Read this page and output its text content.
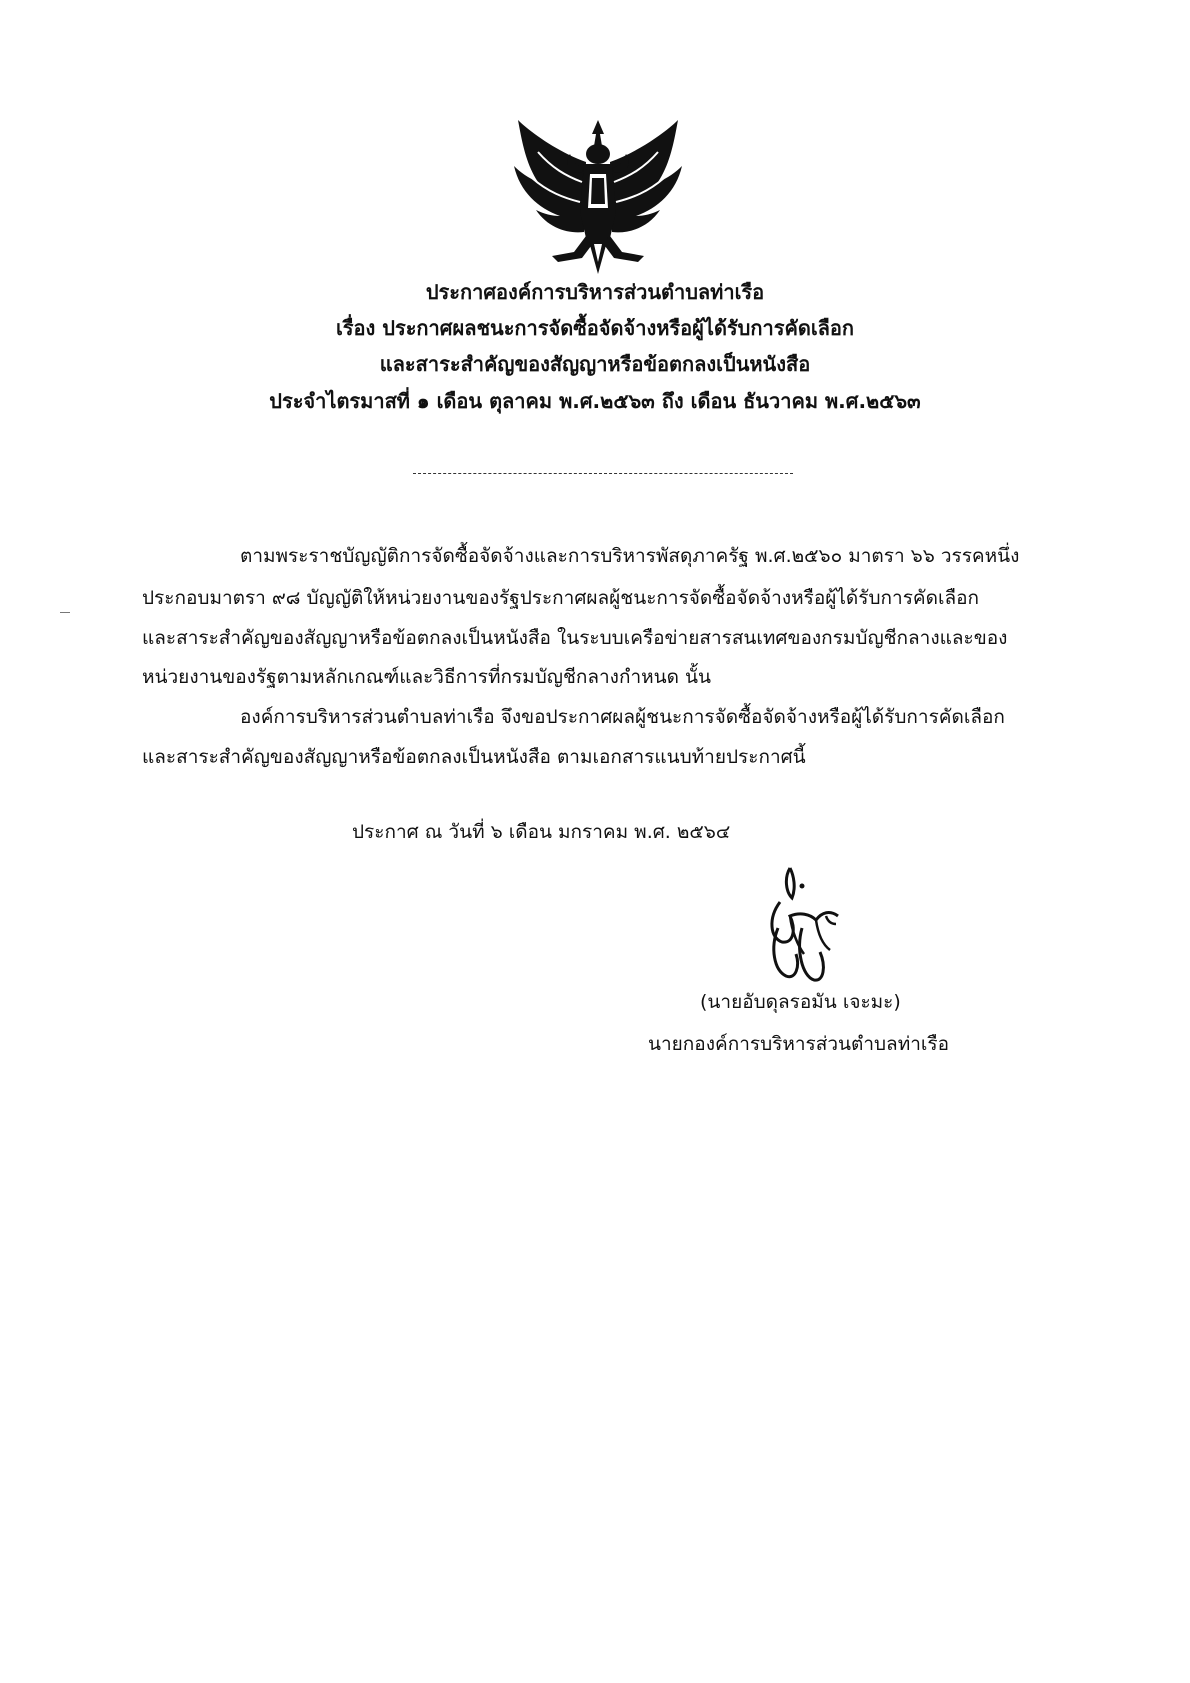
ประกาศองค์การบริหารส่วนตำบลท่าเรือ
เรื่อง ประกาศผลชนะการจัดซื้อจัดจ้างหรือผู้ได้รับการคัดเลือก
และสาระสำคัญของสัญญาหรือข้อตกลงเป็นหนังสือ
ประจำไตรมาสที่ ๑ เดือน ตุลาคม พ.ศ.๒๕๖๓ ถึง เดือน ธันวาคม พ.ศ.๒๕๖๓
ตามพระราชบัญญัติการจัดซื้อจัดจ้างและการบริหารพัสดุภาครัฐ พ.ศ.๒๕๖๐ มาตรา ๖๖ วรรคหนึ่ง
ประกอบมาตรา ๙๘ บัญญัติให้หน่วยงานของรัฐประกาศผลผู้ชนะการจัดซื้อจัดจ้างหรือผู้ได้รับการคัดเลือก
และสาระสำคัญของสัญญาหรือข้อตกลงเป็นหนังสือ ในระบบเครือข่ายสารสนเทศของกรมบัญชีกลางและของ
หน่วยงานของรัฐตามหลักเกณฑ์และวิธีการที่กรมบัญชีกลางกำหนด นั้น
องค์การบริหารส่วนตำบลท่าเรือ จึงขอประกาศผลผู้ชนะการจัดซื้อจัดจ้างหรือผู้ได้รับการคัดเลือก
และสาระสำคัญของสัญญาหรือข้อตกลงเป็นหนังสือ ตามเอกสารแนบท้ายประกาศนี้
ประกาศ ณ วันที่ ๖ เดือน มกราคม พ.ศ. ๒๕๖๔
(นายอับดุลรอมัน เจะมะ)
นายกองค์การบริหารส่วนตำบลท่าเรือ
